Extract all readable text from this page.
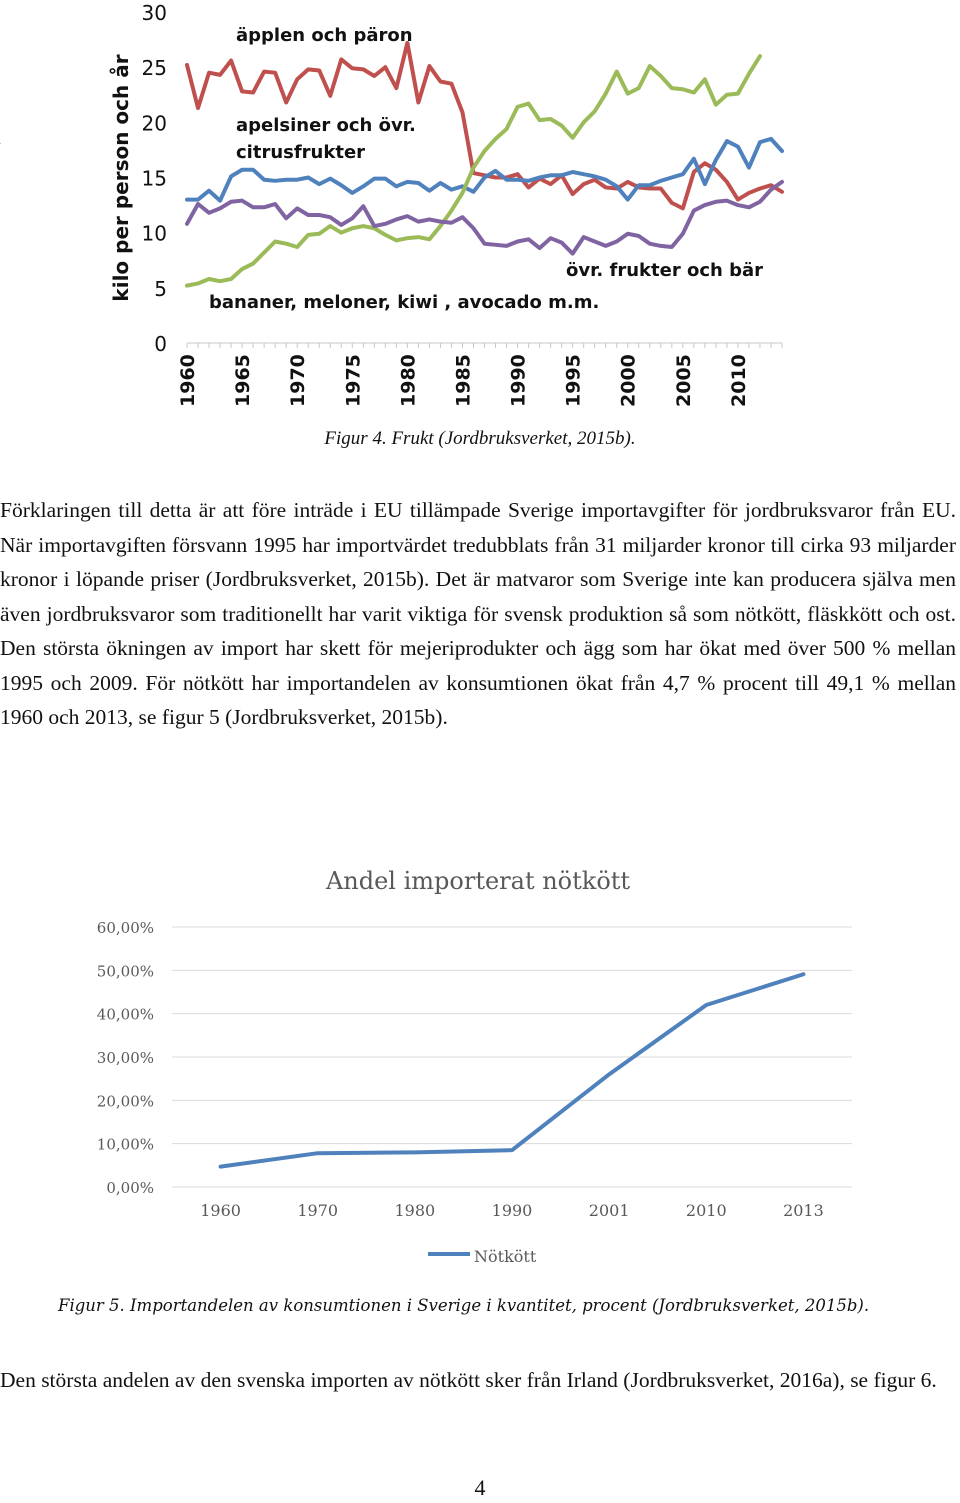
0
5
10
15
20
25
30
1960 1965 1970 1975 1980 1985 1990 1995 2000 2005 2010
kilo per person och år
äpplen och päron
apelsiner och övr.
citrusfrukter
övr. frukter och bär
bananer, meloner, kiwi , avocado m.m.
Figur 4. Frukt (Jordbruksverket, 2015b).
Förklaringen till detta är att före inträde i EU tillämpade Sverige importavgifter för jordbruksvaror från EU. När importavgiften försvann 1995 har importvärdet tredubblats från 31 miljarder kronor till cirka 93 miljarder kronor i löpande priser (Jordbruksverket, 2015b). Det är matvaror som Sverige inte kan producera själva men även jordbruksvaror som traditionellt har varit viktiga för svensk produktion så som nötkött, fläskkött och ost. Den största ökningen av import har skett för mejeriprodukter och ägg som har ökat med över 500 % mellan 1995 och 2009. För nötkött har importandelen av konsumtionen ökat från 4,7 % procent till 49,1 % mellan 1960 och 2013, se figur 5 (Jordbruksverket, 2015b).
Andel importerat nötkött
0,00%
10,00%
20,00%
30,00%
40,00%
50,00%
60,00%
1960	1970	1980	1990	2001	2010	2013
Nötkött
Figur 5. Importandelen av konsumtionen i Sverige i kvantitet, procent (Jordbruksverket, 2015b).
Den största andelen av den svenska importen av nötkött sker från Irland (Jordbruksverket, 2016a), se figur 6.
4
